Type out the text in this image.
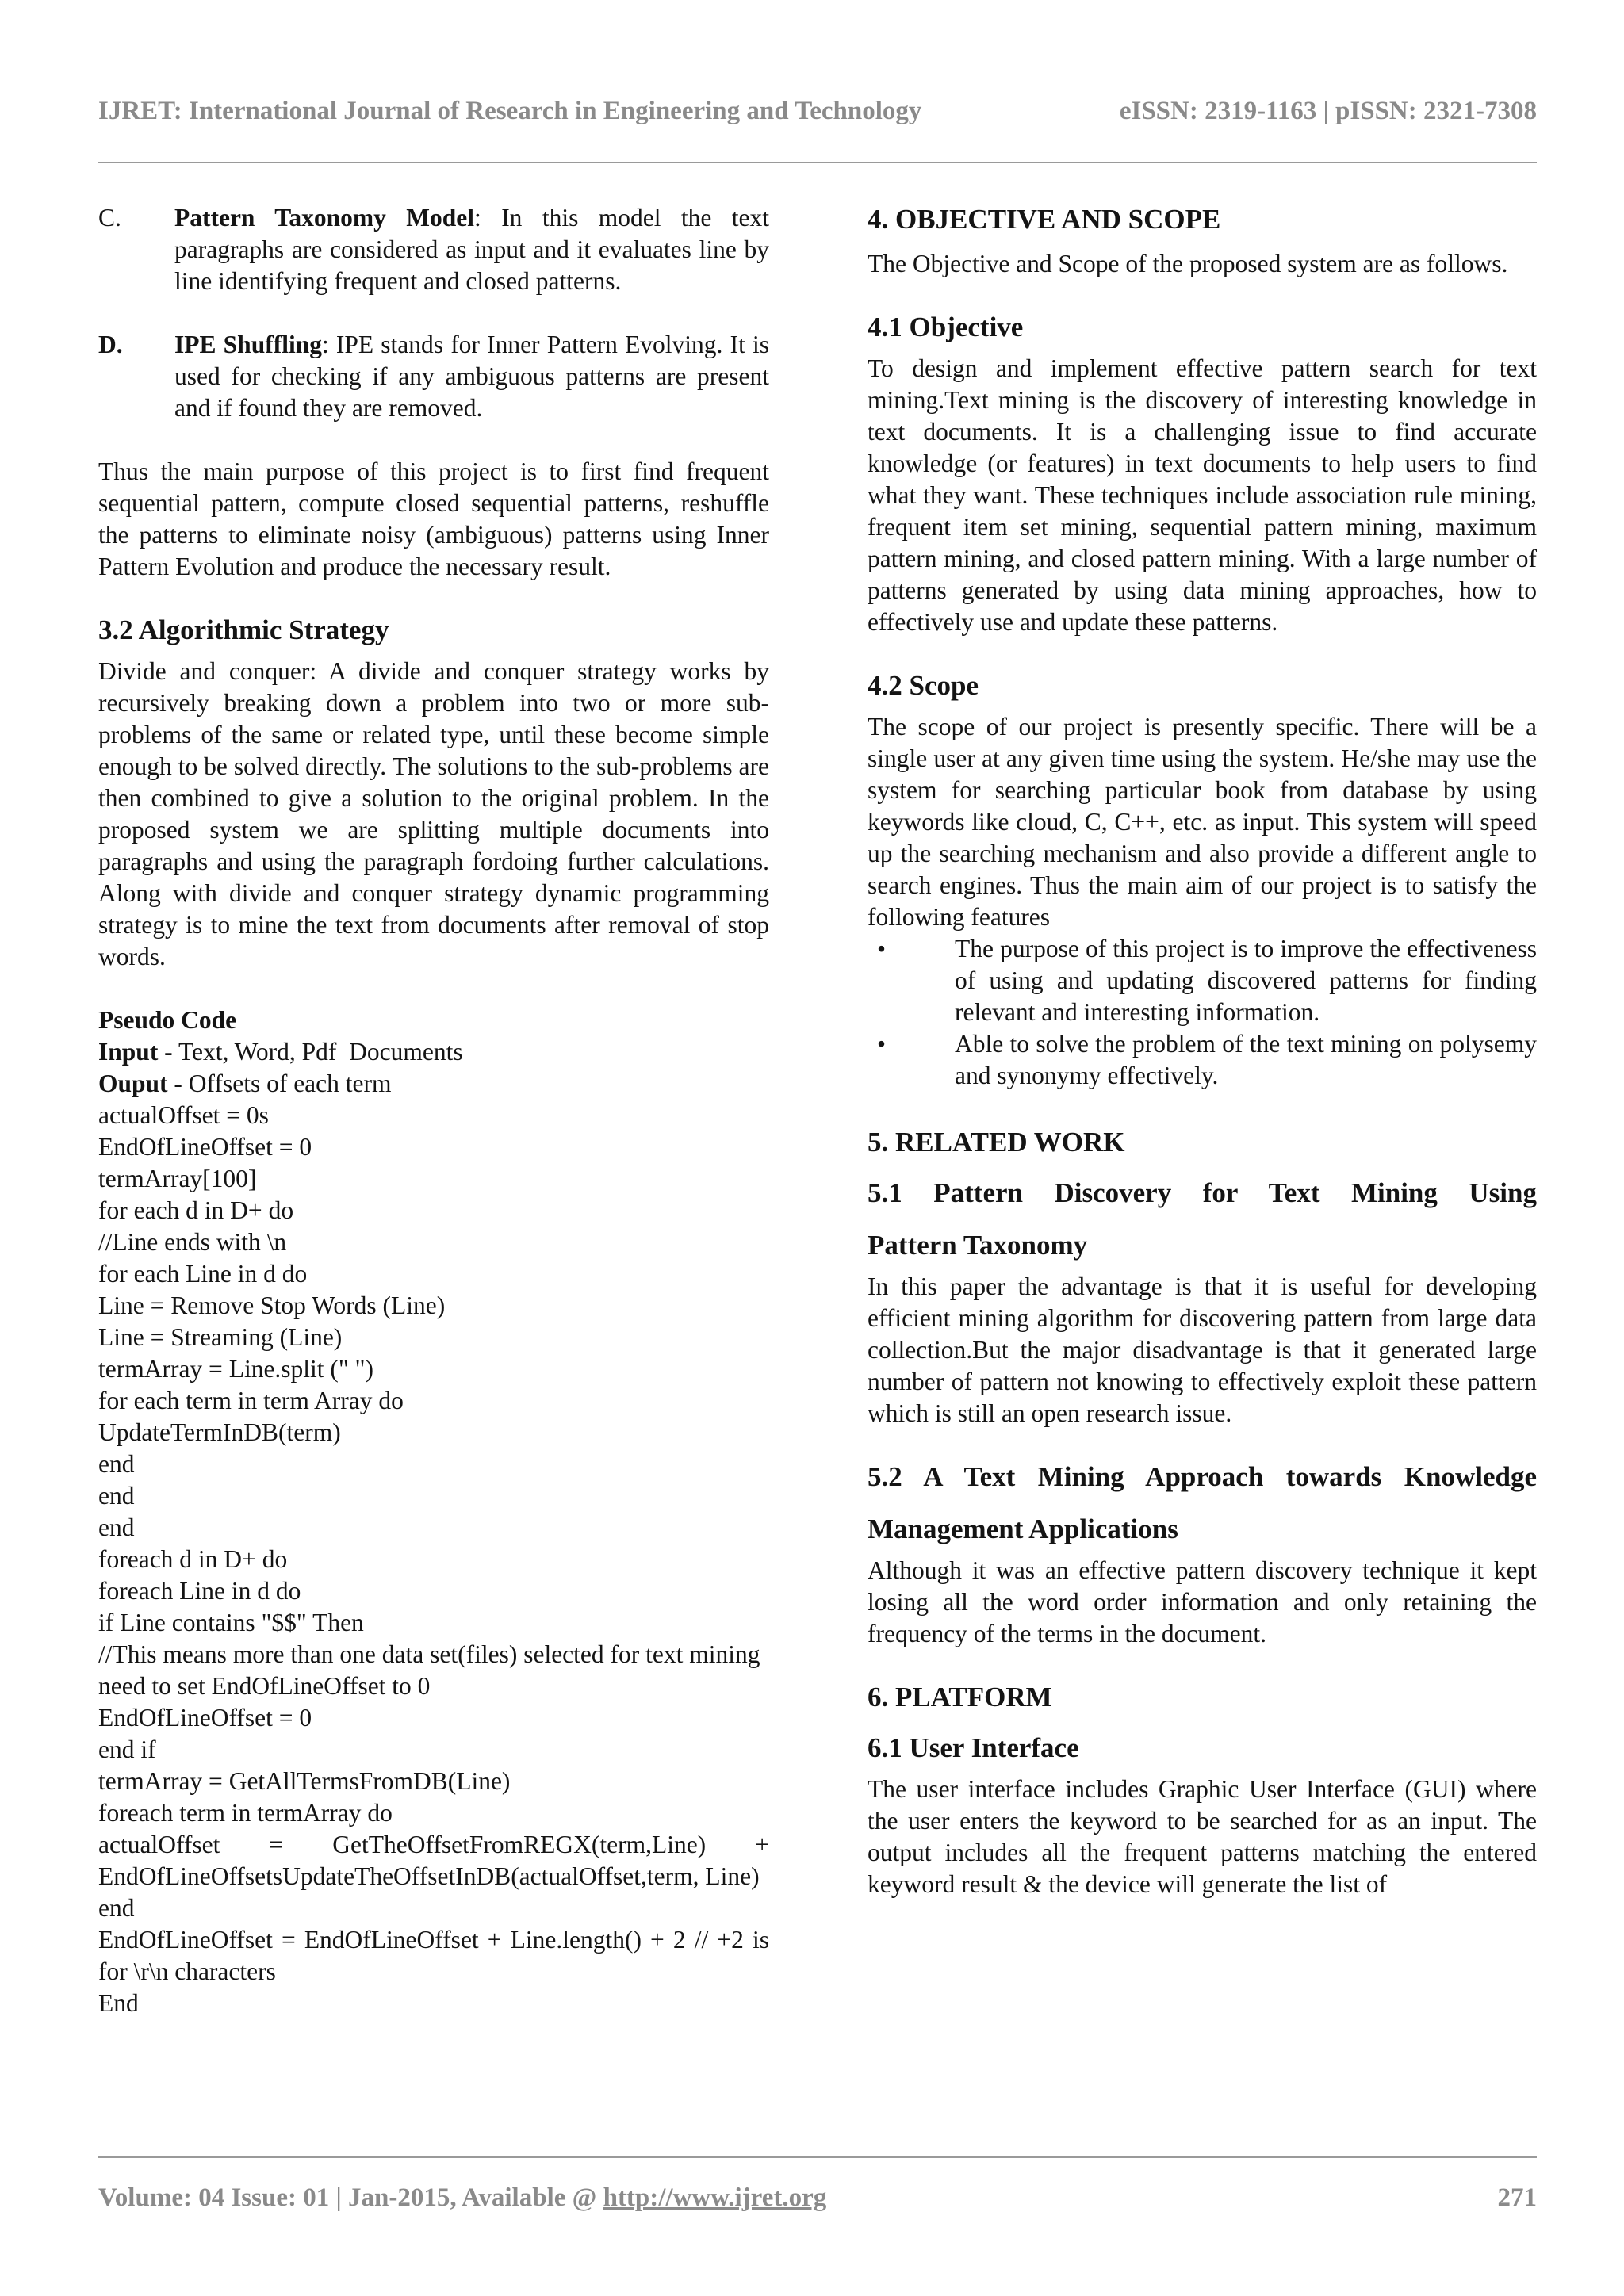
IJRET: International Journal of Research in Engineering and Technology	eISSN: 2319-1163 | pISSN: 2321-7308
C.	Pattern Taxonomy Model: In this model the text paragraphs are considered as input and it evaluates line by line identifying frequent and closed patterns.
D.	IPE Shuffling: IPE stands for Inner Pattern Evolving. It is used for checking if any ambiguous patterns are present and if found they are removed.

Thus the main purpose of this project is to first find frequent sequential pattern, compute closed sequential patterns, reshuffle the patterns to eliminate noisy (ambiguous) patterns using Inner Pattern Evolution and produce the necessary result.

3.2 Algorithmic Strategy

Divide and conquer: A divide and conquer strategy works by recursively breaking down a problem into two or more sub-problems of the same or related type, until these become simple enough to be solved directly. The solutions to the sub-problems are then combined to give a solution to the original problem. In the proposed system we are splitting multiple documents into paragraphs and using the paragraph fordoing further calculations. Along with divide and conquer strategy dynamic programming strategy is to mine the text from documents after removal of stop words.

Pseudo Code
Input - Text, Word, Pdf  Documents
Ouput - Offsets of each term
actualOffset = 0s
EndOfLineOffset = 0
termArray[100]
for each d in D+ do
//Line ends with \n
for each Line in d do
Line = Remove Stop Words (Line)
Line = Streaming (Line)
termArray = Line.split (" ")
for each term in term Array do
UpdateTermInDB(term)
end
end
end
foreach d in D+ do
foreach Line in d do
if Line contains "$$" Then
//This means more than one data set(files) selected for text mining need to set EndOfLineOffset to 0
EndOfLineOffset = 0
end if
termArray = GetAllTermsFromDB(Line)
foreach term in termArray do
actualOffset = GetTheOffsetFromREGX(term,Line) + EndOfLineOffsetsUpdateTheOffsetInDB(actualOffset,term, Line)
end
EndOfLineOffset = EndOfLineOffset + Line.length() + 2 // +2 is for \r\n characters
End
4. OBJECTIVE AND SCOPE

The Objective and Scope of the proposed system are as follows.

4.1 Objective

To design and implement effective pattern search for text mining.Text mining is the discovery of interesting knowledge in text documents. It is a challenging issue to find accurate knowledge (or features) in text documents to help users to find what they want. These techniques include association rule mining, frequent item set mining, sequential pattern mining, maximum pattern mining, and closed pattern mining. With a large number of patterns generated by using data mining approaches, how to effectively use and update these patterns.

4.2 Scope

The scope of our project is presently specific. There will be a single user at any given time using the system. He/she may use the system for searching particular book from database by using keywords like cloud, C, C++, etc. as input. This system will speed up the searching mechanism and also provide a different angle to search engines. Thus the main aim of our project is to satisfy the following features

•	The purpose of this project is to improve the effectiveness of using and updating discovered patterns for finding relevant and interesting information.
•	Able to solve the problem of the text mining on polysemy and synonymy effectively.
5. RELATED WORK
5.1 Pattern Discovery for Text Mining Using
Pattern Taxonomy

In this paper the advantage is that it is useful for developing efficient mining algorithm for discovering pattern from large data collection.But the major disadvantage is that it generated large number of pattern not knowing to effectively exploit these pattern which is still an open research issue.

5.2 A Text Mining Approach towards Knowledge
Management Applications

Although it was an effective pattern discovery technique it kept losing all the word order information and only retaining the frequency of the terms in the document.

6. PLATFORM
6.1 User Interface

The user interface includes Graphic User Interface (GUI) where the user enters the keyword to be searched for as an input. The output includes all the frequent patterns matching the entered keyword result & the device will generate the list of

Volume: 04 Issue: 01 | Jan-2015, Available @ http://www.ijret.org	271
